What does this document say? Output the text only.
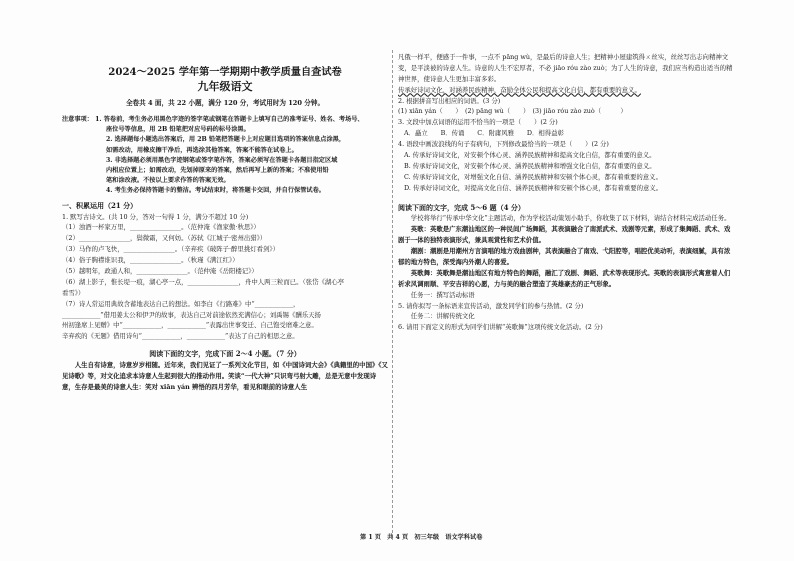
2024～2025 学年第一学期期中教学质量自查试卷
九年级语文
全卷共 4 面，共 22 小题，满分 120 分，考试用时为 120 分钟。
注意事项： 1. 答卷前，考生务必用黑色字迹的签字笔或钢笔在答题卡上填写自己的准考证号、姓名、考场号、
座位号等信息，用 2B 铅笔把对应号码的标号涂黑。
2. 选择题每小题选出答案后，用 2B 铅笔把答题卡上对应题目选项的答案信息点涂黑，
如需改动，用橡皮擦干净后，再选涂其他答案，答案不能答在试卷上。
3. 非选择题必须用黑色字迹钢笔或签字笔作答，答案必须写在答题卡各题目指定区域
内相应位置上；如需改动，先划掉原来的答案，然后再写上新的答案；不准使用铅
笔和涂改液。不按以上要求作答的答案无效。
4. 考生务必保持答题卡的整洁。考试结束时，将答题卡交回，并自行保管试卷。
一、积累运用（21 分）
1. 默写古诗文。(共 10 分，答对一句得 1 分，满分不超过 10 分)
（1）浊酒一杯家万里，________________。（范仲淹《渔家傲·秋思》）
（2）________________，鬓微霜，又何妨。（苏轼《江城子·密州出猎》）
（3）马作的卢飞快，________________。（辛弃疾《破阵子·醉里挑灯看剑》）
（4）俗子胸襟谁识我，________________。（秋瑾《满江红》）
（5）越明年，政通人和，________________。（范仲淹《岳阳楼记》）
（6）湖上影子，惟长堤一痕，湖心亭一点，________________，舟中人两三粒而已。（张岱《湖心亭
看雪》）
（7）诗人常运用典故含蓄地表达自己的想法。如李白《行路难》中“____________，
____________”借用姜太公和伊尹的故事，表达自己对前途依然充满信心；刘禹锡《酬乐天扬
州初逢席上见赠》中“____________，____________”表露出世事变迁、自己饱受磨难之意。
辛弃疾的《无题》借用诗句“____________，____________”表达了自己的相思之意。
阅读下面的文字，完成下面 2～4 小题。（7 分）
人生自有诗意，诗意岁岁相随。近年来，我们见证了一系列文化节目，如《中国诗词大会》《典籍里的中国》《又见诗歌》等，对文化追求本诗意人生起到很大的推动作用。笑谈“一代大神”只识弯弓射大雕，总是无意中发现诗意，生存是最美的诗意人生：笑对 xiān yán 辨悟的四月芳华，看见和眼前的诗意人生
凡俄一样平，便感于一件事，一点不 pāng wù，是最后的诗意人生；把精神小屋建筑得ㄨ丝实，丝丝写出志向精神文变，是平淡被的诗意人生。诗意的人生不宏厚者，不必 jiāo róu zào zuò；为了人生的诗意，我们应当构造出适当的精神世界，使诗意人生更加丰富多彩。
传承好诗词文化，对涵养民族精神，奋励全体公民和提高文化自信，都有重要的意义。
2. 根据拼音写出相应的词语。(3 分)
(1) xiān yán（　　）　(2) pāng wù（　　）　(3) jiāo róu zào zuò（　　　）
3. 文段中加点词语的运用不恰当的一项是（　　）(2 分)
A．矗立　　B．传诵　　C．附庸风雅　　D．相得益彰
4. 语段中画波浪线的句子有病句，下列修改最恰当的一项是（　　）(2 分)
A. 传承好诗词文化，对安顿个体心灵、涵养民族精神和提高文化自信，都有重要的意义。
B. 传承好诗词文化，对安顿个体心灵、涵养民族精神和增强文化自信，都有重要的意义。
C. 传承好诗词文化，对增强文化自信、涵养民族精神和安顿个体心灵，都有着重要的意义。
D. 传承好诗词文化，对提高文化自信、涵养民族精神和安顿个体心灵，都有着重要的意义。
阅读下面的文字，完成 5～6 题（4 分）
学校将举行“传承中华文化”主题活动，作为学校活动策划小助手，你收集了以下材料，请结合材料完成活动任务。
英歌：英歌是广东潮汕地区的一种民间广场舞蹈，其表演融合了南派武术、戏剧等元素，形成了集舞蹈、武术、戏剧于一体的独特表演形式，兼具观赏性和艺术价值。
潮剧：潮剧是用潮州方言演唱的地方戏曲剧种，其表演融合了南戏、弋阳腔等，唱腔优美动听，表演细腻，具有浓郁的地方特色，深受海内外潮人的喜爱。
英歌舞：英歌舞是潮汕地区有地方特色的舞蹈，融汇了戏剧、舞蹈、武术等表现形式。英歌的表演形式寓意着人们祈求风调雨顺、平安吉祥的心愿，力与美的融合塑造了英雄豪杰的正气形象。
任务一：撰写活动标语
5. 请你拟写一条标语来宣传活动，激发同学们的参与热情。(2 分)
任务二：讲解传统文化
6. 请用下面定义的形式为同学们讲解“英歌舞”这项传统文化活动。(2 分)
第 1 页　共 4 页　初三年级　语文学科试卷
